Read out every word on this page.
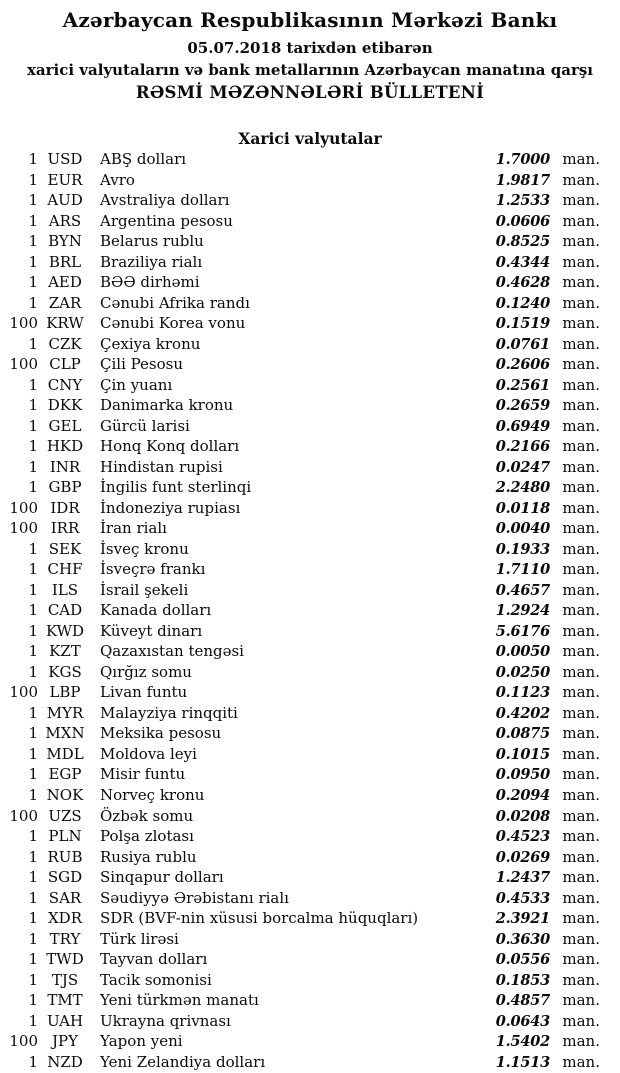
Azərbaycan Respublikasının Mərkəzi Bankı
05.07.2018 tarixdən etibarən
xarici valyutaların və bank metallarının Azərbaycan manatına qarşı
RƏSMİ MƏZƏNNƏLƏRİ BÜLLETENİ
Xarici valyutalar
1 USD	ABŞ dolları	1.7000 man.
1 EUR	Avro	1.9817 man.
1 AUD	Avstraliya dolları	1.2533 man.
1 ARS	Argentina pesosu	0.0606 man.
1 BYN	Belarus rublu	0.8525 man.
1 BRL	Braziliya rialı	0.4344 man.
1 AED	BƏƏ dirhəmi	0.4628 man.
1 ZAR	Cənubi Afrika randı	0.1240 man.
100 KRW	Cənubi Korea vonu	0.1519 man.
1 CZK	Çexiya kronu	0.0761 man.
100 CLP	Çili Pesosu	0.2606 man.
1 CNY	Çin yuanı	0.2561 man.
1 DKK	Danimarka kronu	0.2659 man.
1 GEL	Gürcü larisi	0.6949 man.
1 HKD	Honq Konq dolları	0.2166 man.
1 INR	Hindistan rupisi	0.0247 man.
1 GBP	İngilis funt sterlinqi	2.2480 man.
100 IDR	İndoneziya rupiası	0.0118 man.
100 IRR	İran rialı	0.0040 man.
1 SEK	İsveç kronu	0.1933 man.
1 CHF	İsveçrə frankı	1.7110 man.
1 ILS	İsrail şekeli	0.4657 man.
1 CAD	Kanada dolları	1.2924 man.
1 KWD	Küveyt dinarı	5.6176 man.
1 KZT	Qazaxıstan tengəsi	0.0050 man.
1 KGS	Qırğız somu	0.0250 man.
100 LBP	Livan funtu	0.1123 man.
1 MYR	Malayziya rinqqiti	0.4202 man.
1 MXN	Meksika pesosu	0.0875 man.
1 MDL	Moldova leyi	0.1015 man.
1 EGP	Misir funtu	0.0950 man.
1 NOK	Norveç kronu	0.2094 man.
100 UZS	Özbək somu	0.0208 man.
1 PLN	Polşa zlotası	0.4523 man.
1 RUB	Rusiya rublu	0.0269 man.
1 SGD	Sinqapur dolları	1.2437 man.
1 SAR	Səudiyyə Ərəbistanı rialı	0.4533 man.
1 XDR	SDR (BVF-nin xüsusi borcalma hüquqları)	2.3921 man.
1 TRY	Türk lirəsi	0.3630 man.
1 TWD	Tayvan dolları	0.0556 man.
1 TJS	Tacik somonisi	0.1853 man.
1 TMT	Yeni türkmən manatı	0.4857 man.
1 UAH	Ukrayna qrivnası	0.0643 man.
100 JPY	Yapon yeni	1.5402 man.
1 NZD	Yeni Zelandiya dolları	1.1513 man.
